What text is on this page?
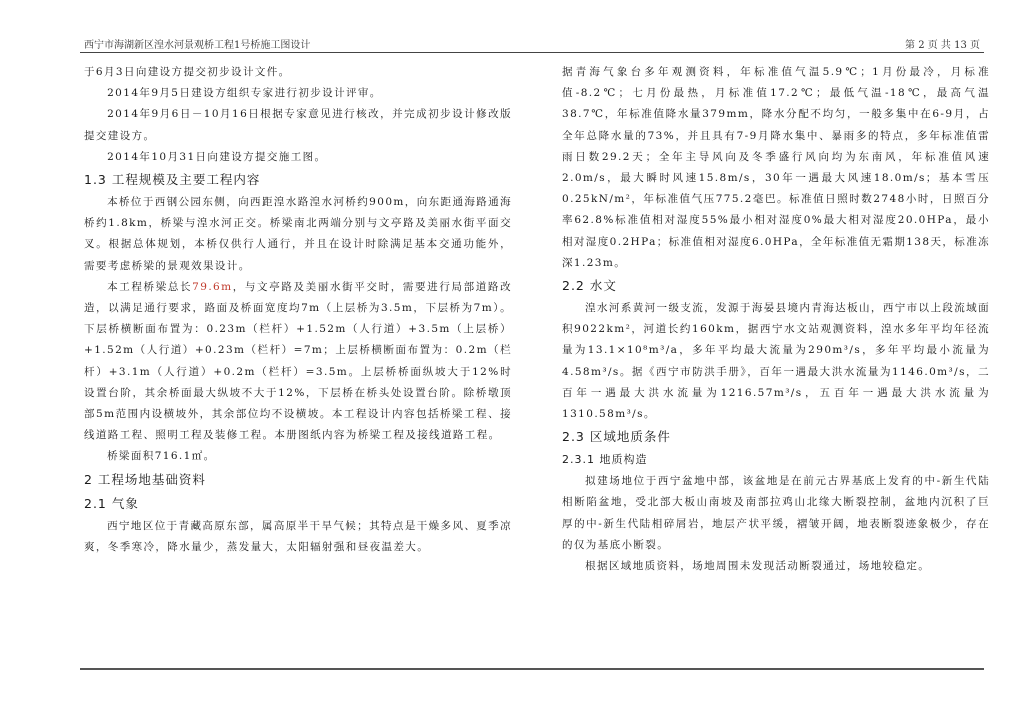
西宁市海湖新区湟水河景观桥工程1号桥施工图设计	第 2 页 共 13 页

于6月3日向建设方提交初步设计文件。

2014年9月5日建设方组织专家进行初步设计评审。

2014年9月6日－10月16日根据专家意见进行核改，并完成初步设计修改版提交建设方。

2014年10月31日向建设方提交施工图。

1.3 工程规模及主要工程内容

本桥位于西钢公园东侧，向西距湟水路湟水河桥约900m，向东距通海路通海桥约1.8km，桥梁与湟水河正交。桥梁南北两端分别与文亭路及美丽水街平面交叉。根据总体规划，本桥仅供行人通行，并且在设计时除满足基本交通功能外，需要考虑桥梁的景观效果设计。

本工程桥梁总长79.6m，与文亭路及美丽水街平交时，需要进行局部道路改造，以满足通行要求，路面及桥面宽度均7m（上层桥为3.5m，下层桥为7m）。下层桥横断面布置为：0.23m（栏杆）+1.52m（人行道）+3.5m（上层桥）+1.52m（人行道）+0.23m（栏杆）=7m；上层桥横断面布置为：0.2m（栏杆）+3.1m（人行道）+0.2m（栏杆）=3.5m。上层桥桥面纵坡大于12%时设置台阶，其余桥面最大纵坡不大于12%，下层桥在桥头处设置台阶。除桥墩顶部5m范围内设横坡外，其余部位均不设横坡。本工程设计内容包括桥梁工程、接线道路工程、照明工程及装修工程。本册图纸内容为桥梁工程及接线道路工程。

桥梁面积716.1㎡。

2 工程场地基础资料
2.1 气象

西宁地区位于青藏高原东部，属高原半干旱气候；其特点是干燥多风、夏季凉爽，冬季寒冷，降水量少，蒸发量大，太阳辐射强和昼夜温差大。

据青海气象台多年观测资料，年标准值气温5.9℃；1月份最冷，月标准值-8.2℃；七月份最热，月标准值17.2℃；最低气温-18℃，最高气温38.7℃，年标准值降水量379mm，降水分配不均匀，一般多集中在6-9月，占全年总降水量的73%，并且具有7-9月降水集中、暴雨多的特点，多年标准值雷雨日数29.2天；全年主导风向及冬季盛行风向均为东南风，年标准值风速2.0m/s，最大瞬时风速15.8m/s，30年一遇最大风速18.0m/s；基本雪压0.25kN/m²，年标准值气压775.2毫巴。标准值日照时数2748小时，日照百分率62.8%标准值相对湿度55%最小相对湿度0%最大相对湿度20.0HPa，最小相对湿度0.2HPa；标准值相对湿度6.0HPa，全年标准值无霜期138天，标准冻深1.23m。

2.2 水文

湟水河系黄河一级支流，发源于海晏县境内青海达板山，西宁市以上段流域面积9022km²，河道长约160km，据西宁水文站观测资料，湟水多年平均年径流量为13.1×10⁸m³/a，多年平均最大流量为290m³/s，多年平均最小流量为4.58m³/s。据《西宁市防洪手册》，百年一遇最大洪水流量为1146.0m³/s，二百年一遇最大洪水流量为1216.57m³/s，五百年一遇最大洪水流量为1310.58m³/s。

2.3 区域地质条件
2.3.1 地质构造

拟建场地位于西宁盆地中部，该盆地是在前元古界基底上发育的中-新生代陆相断陷盆地，受北部大板山南坡及南部拉鸡山北缘大断裂控制，盆地内沉积了巨厚的中-新生代陆相碎屑岩，地层产状平缓，褶皱开阔，地表断裂迹象极少，存在的仅为基底小断裂。

根据区域地质资料，场地周围未发现活动断裂通过，场地较稳定。
